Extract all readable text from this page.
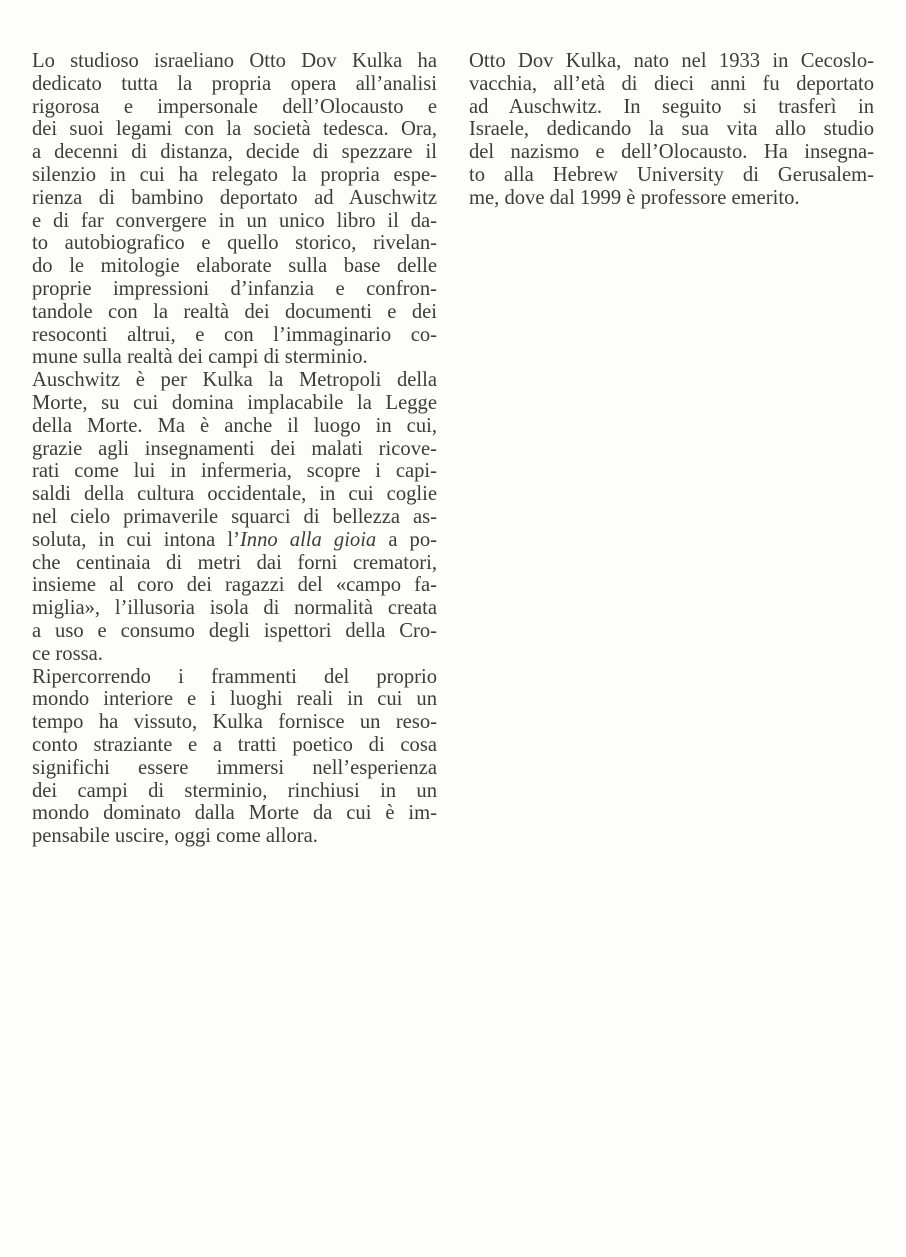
Lo studioso israeliano Otto Dov Kulka ha
dedicato tutta la propria opera all’analisi
rigorosa e impersonale dell’Olocausto e
dei suoi legami con la società tedesca. Ora,
a decenni di distanza, decide di spezzare il
silenzio in cui ha relegato la propria espe-
rienza di bambino deportato ad Auschwitz
e di far convergere in un unico libro il da-
to autobiografico e quello storico, rivelan-
do le mitologie elaborate sulla base delle
proprie impressioni d’infanzia e confron-
tandole con la realtà dei documenti e dei
resoconti altrui, e con l’immaginario co-
mune sulla realtà dei campi di sterminio.
Auschwitz è per Kulka la Metropoli della
Morte, su cui domina implacabile la Legge
della Morte. Ma è anche il luogo in cui,
grazie agli insegnamenti dei malati ricove-
rati come lui in infermeria, scopre i capi-
saldi della cultura occidentale, in cui coglie
nel cielo primaverile squarci di bellezza as-
soluta, in cui intona l’Inno alla gioia a po-
che centinaia di metri dai forni crematori,
insieme al coro dei ragazzi del «campo fa-
miglia», l’illusoria isola di normalità creata
a uso e consumo degli ispettori della Cro-
ce rossa.
Ripercorrendo i frammenti del proprio
mondo interiore e i luoghi reali in cui un
tempo ha vissuto, Kulka fornisce un reso-
conto straziante e a tratti poetico di cosa
significhi essere immersi nell’esperienza
dei campi di sterminio, rinchiusi in un
mondo dominato dalla Morte da cui è im-
pensabile uscire, oggi come allora.
Otto Dov Kulka, nato nel 1933 in Cecoslo-
vacchia, all’età di dieci anni fu deportato
ad Auschwitz. In seguito si trasferì in
Israele, dedicando la sua vita allo studio
del nazismo e dell’Olocausto. Ha insegna-
to alla Hebrew University di Gerusalem-
me, dove dal 1999 è professore emerito.
